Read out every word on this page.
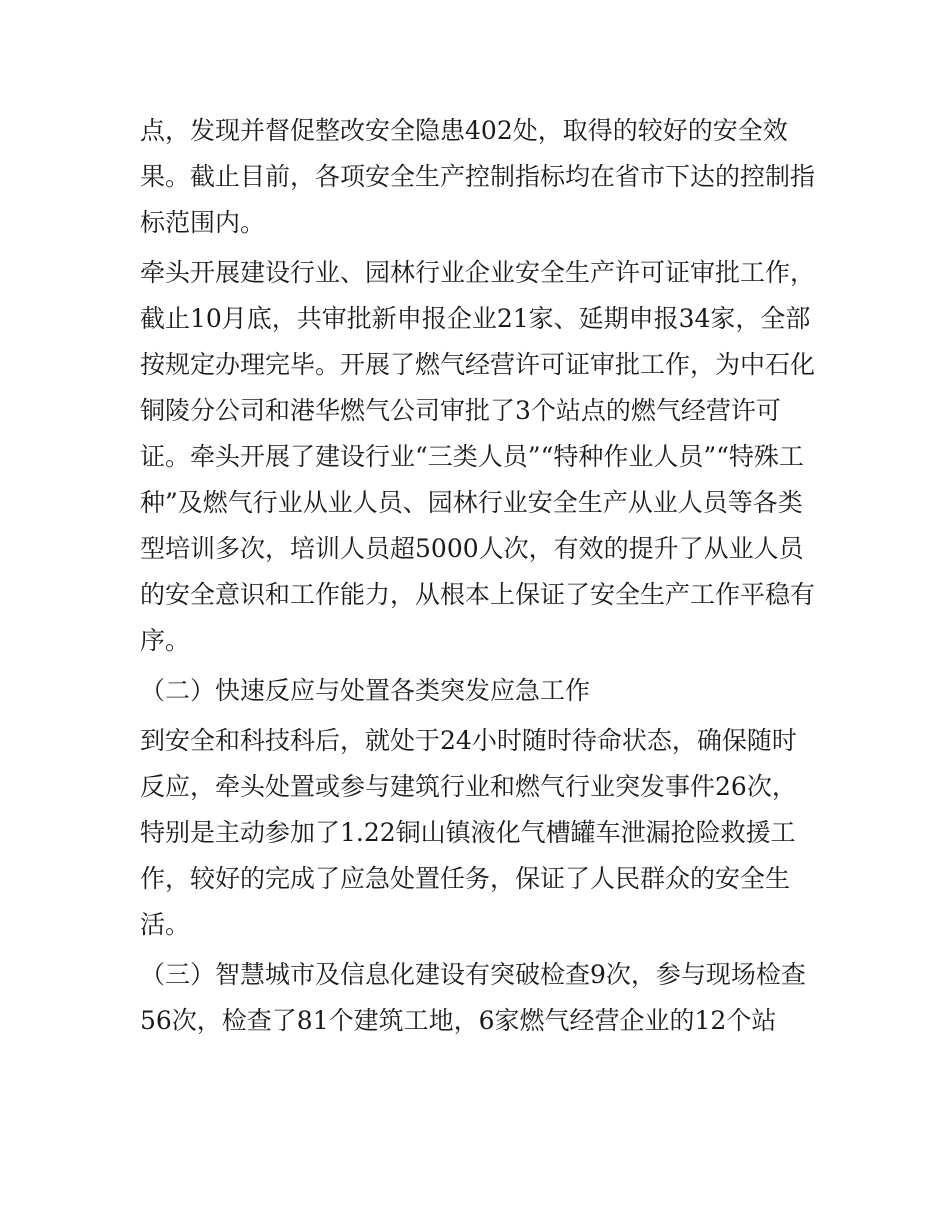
点，发现并督促整改安全隐患402处，取得的较好的安全效
果。截止目前，各项安全生产控制指标均在省市下达的控制指
标范围内。
牵头开展建设行业、园林行业企业安全生产许可证审批工作，
截止10月底，共审批新申报企业21家、延期申报34家，全部
按规定办理完毕。开展了燃气经营许可证审批工作，为中石化
铜陵分公司和港华燃气公司审批了3个站点的燃气经营许可
证。牵头开展了建设行业“三类人员”“特种作业人员”“特殊工
种”及燃气行业从业人员、园林行业安全生产从业人员等各类
型培训多次，培训人员超5000人次，有效的提升了从业人员
的安全意识和工作能力，从根本上保证了安全生产工作平稳有
序。
（二）快速反应与处置各类突发应急工作
到安全和科技科后，就处于24小时随时待命状态，确保随时
反应，牵头处置或参与建筑行业和燃气行业突发事件26次，
特别是主动参加了1.22铜山镇液化气槽罐车泄漏抢险救援工
作，较好的完成了应急处置任务，保证了人民群众的安全生
活。
（三）智慧城市及信息化建设有突破检查9次，参与现场检查
56次，检查了81个建筑工地，6家燃气经营企业的12个站
